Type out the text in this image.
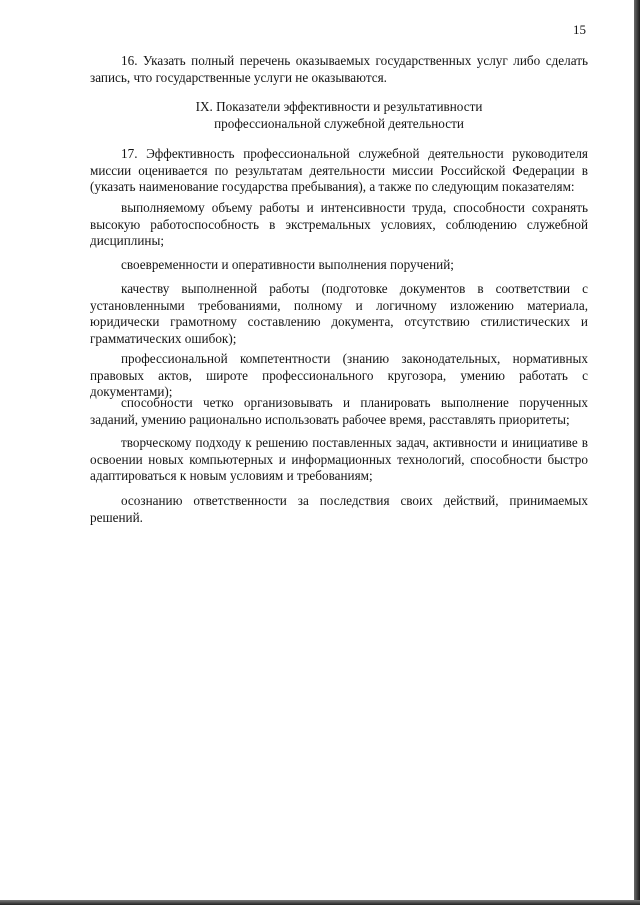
15
16. Указать полный перечень оказываемых государственных услуг либо сделать запись, что государственные услуги не оказываются.
IX. Показатели эффективности и результативности
профессиональной служебной деятельности
17. Эффективность профессиональной служебной деятельности руководителя миссии оценивается по результатам деятельности миссии Российской Федерации в (указать наименование государства пребывания), а также по следующим показателям:
выполняемому объему работы и интенсивности труда, способности сохранять высокую работоспособность в экстремальных условиях, соблюдению служебной дисциплины;
своевременности и оперативности выполнения поручений;
качеству выполненной работы (подготовке документов в соответствии с установленными требованиями, полному и логичному изложению материала, юридически грамотному составлению документа, отсутствию стилистических и грамматических ошибок);
профессиональной компетентности (знанию законодательных, нормативных правовых актов, широте профессионального кругозора, умению работать с документами);
способности четко организовывать и планировать выполнение порученных заданий, умению рационально использовать рабочее время, расставлять приоритеты;
творческому подходу к решению поставленных задач, активности и инициативе в освоении новых компьютерных и информационных технологий, способности быстро адаптироваться к новым условиям и требованиям;
осознанию ответственности за последствия своих действий, принимаемых решений.
